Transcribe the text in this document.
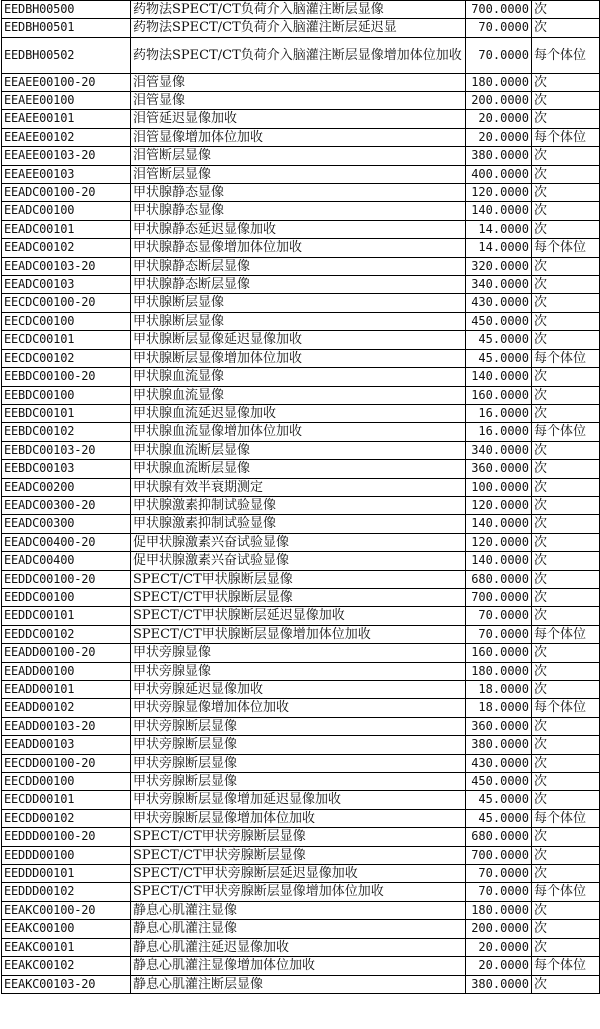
EEDBH00500	药物法SPECT/CT负荷介入脑灌注断层显像	700.0000	次
EEDBH00501	药物法SPECT/CT负荷介入脑灌注断层延迟显	70.0000	次
EEDBH00502	药物法SPECT/CT负荷介入脑灌注断层显像增加体位加收	70.0000	每个体位
EEAEE00100-20	泪管显像	180.0000	次
EEAEE00100	泪管显像	200.0000	次
EEAEE00101	泪管延迟显像加收	20.0000	次
EEAEE00102	泪管显像增加体位加收	20.0000	每个体位
EEAEE00103-20	泪管断层显像	380.0000	次
EEAEE00103	泪管断层显像	400.0000	次
EEADC00100-20	甲状腺静态显像	120.0000	次
EEADC00100	甲状腺静态显像	140.0000	次
EEADC00101	甲状腺静态延迟显像加收	14.0000	次
EEADC00102	甲状腺静态显像增加体位加收	14.0000	每个体位
EEADC00103-20	甲状腺静态断层显像	320.0000	次
EEADC00103	甲状腺静态断层显像	340.0000	次
EECDC00100-20	甲状腺断层显像	430.0000	次
EECDC00100	甲状腺断层显像	450.0000	次
EECDC00101	甲状腺断层显像延迟显像加收	45.0000	次
EECDC00102	甲状腺断层显像增加体位加收	45.0000	每个体位
EEBDC00100-20	甲状腺血流显像	140.0000	次
EEBDC00100	甲状腺血流显像	160.0000	次
EEBDC00101	甲状腺血流延迟显像加收	16.0000	次
EEBDC00102	甲状腺血流显像增加体位加收	16.0000	每个体位
EEBDC00103-20	甲状腺血流断层显像	340.0000	次
EEBDC00103	甲状腺血流断层显像	360.0000	次
EEADC00200	甲状腺有效半衰期测定	100.0000	次
EEADC00300-20	甲状腺激素抑制试验显像	120.0000	次
EEADC00300	甲状腺激素抑制试验显像	140.0000	次
EEADC00400-20	促甲状腺激素兴奋试验显像	120.0000	次
EEADC00400	促甲状腺激素兴奋试验显像	140.0000	次
EEDDC00100-20	SPECT/CT甲状腺断层显像	680.0000	次
EEDDC00100	SPECT/CT甲状腺断层显像	700.0000	次
EEDDC00101	SPECT/CT甲状腺断层延迟显像加收	70.0000	次
EEDDC00102	SPECT/CT甲状腺断层显像增加体位加收	70.0000	每个体位
EEADD00100-20	甲状旁腺显像	160.0000	次
EEADD00100	甲状旁腺显像	180.0000	次
EEADD00101	甲状旁腺延迟显像加收	18.0000	次
EEADD00102	甲状旁腺显像增加体位加收	18.0000	每个体位
EEADD00103-20	甲状旁腺断层显像	360.0000	次
EEADD00103	甲状旁腺断层显像	380.0000	次
EECDD00100-20	甲状旁腺断层显像	430.0000	次
EECDD00100	甲状旁腺断层显像	450.0000	次
EECDD00101	甲状旁腺断层显像增加延迟显像加收	45.0000	次
EECDD00102	甲状旁腺断层显像增加体位加收	45.0000	每个体位
EEDDD00100-20	SPECT/CT甲状旁腺断层显像	680.0000	次
EEDDD00100	SPECT/CT甲状旁腺断层显像	700.0000	次
EEDDD00101	SPECT/CT甲状旁腺断层延迟显像加收	70.0000	次
EEDDD00102	SPECT/CT甲状旁腺断层显像增加体位加收	70.0000	每个体位
EEAKC00100-20	静息心肌灌注显像	180.0000	次
EEAKC00100	静息心肌灌注显像	200.0000	次
EEAKC00101	静息心肌灌注延迟显像加收	20.0000	次
EEAKC00102	静息心肌灌注显像增加体位加收	20.0000	每个体位
EEAKC00103-20	静息心肌灌注断层显像	380.0000	次
